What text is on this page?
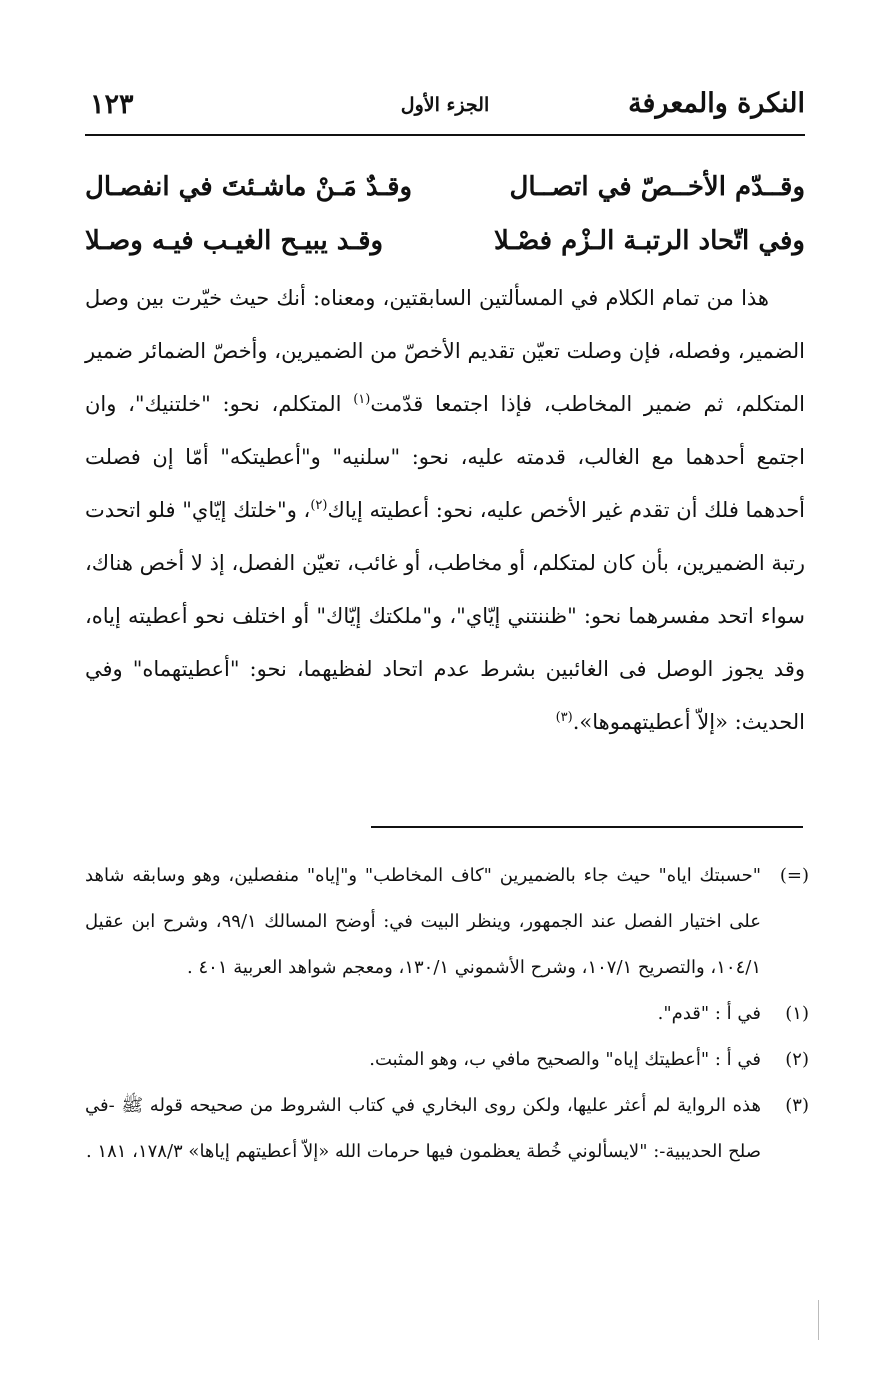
النكرة والمعرفة
الجزء الأول
١٢٣
وقــدّم الأخــصّ في اتصــال
وقـدٌ مَـنْ ماشـئتَ في انفصـال
وفي اتّحاد الرتبـة الـزْم فصْـلا
وقـد يبيـح الغيـب فيـه وصـلا

هذا من تمام الكلام في المسألتين السابقتين، ومعناه: أنك حيث خيّرت بين وصل الضمير، وفصله، فإن وصلت تعيّن تقديم الأخصّ من الضميرين، وأخصّ الضمائر ضمير المتكلم، ثم ضمير المخاطب، فإذا اجتمعا قدّمت$^{(١)}$ المتكلم، نحو: "خلتنيك"، وان اجتمع أحدهما مع الغالب، قدمته عليه، نحو: "سلنيه" و"أعطيتكه" أمّا إن فصلت أحدهما فلك أن تقدم غير الأخص عليه، نحو: أعطيته إياك$^{(٢)}$، و"خلتك إيّاي" فلو اتحدت رتبة الضميرين، بأن كان لمتكلم، أو مخاطب، أو غائب، تعيّن الفصل، إذ لا أخص هناك، سواء اتحد مفسرهما نحو: "ظننتني إيّاي"، و"ملكتك إيّاك" أو اختلف نحو أعطيته إياه، وقد يجوز الوصل فى الغائبين بشرط عدم اتحاد لفظيهما، نحو: "أعطيتهماه" وفي الحديث: «إلاّ أعطيتهموها».$^{(٣)}$

(=)
"حسبتك اياه" حيث جاء بالضميرين "كاف المخاطب" و"إياه" منفصلين، وهو وسابقه شاهد على اختيار الفصل عند الجمهور، وينظر البيت في: أوضح المسالك ٩٩/١، وشرح ابن عقيل ١٠٤/١، والتصريح ١٠٧/١، وشرح الأشموني ١٣٠/١، ومعجم شواهد العربية ٤٠١ .
(١)
في أ : "قدم".
(٢)
في أ : "أعطيتك إياه" والصحيح مافي ب، وهو المثبت.
(٣)
هذه الرواية لم أعثر عليها، ولكن روى البخاري في كتاب الشروط من صحيحه قوله ﷺ -في صلح الحديبية-: "لايسألوني خُطة يعظمون فيها حرمات الله «إلاّ أعطيتهم إياها» ١٧٨/٣، ١٨١ .
